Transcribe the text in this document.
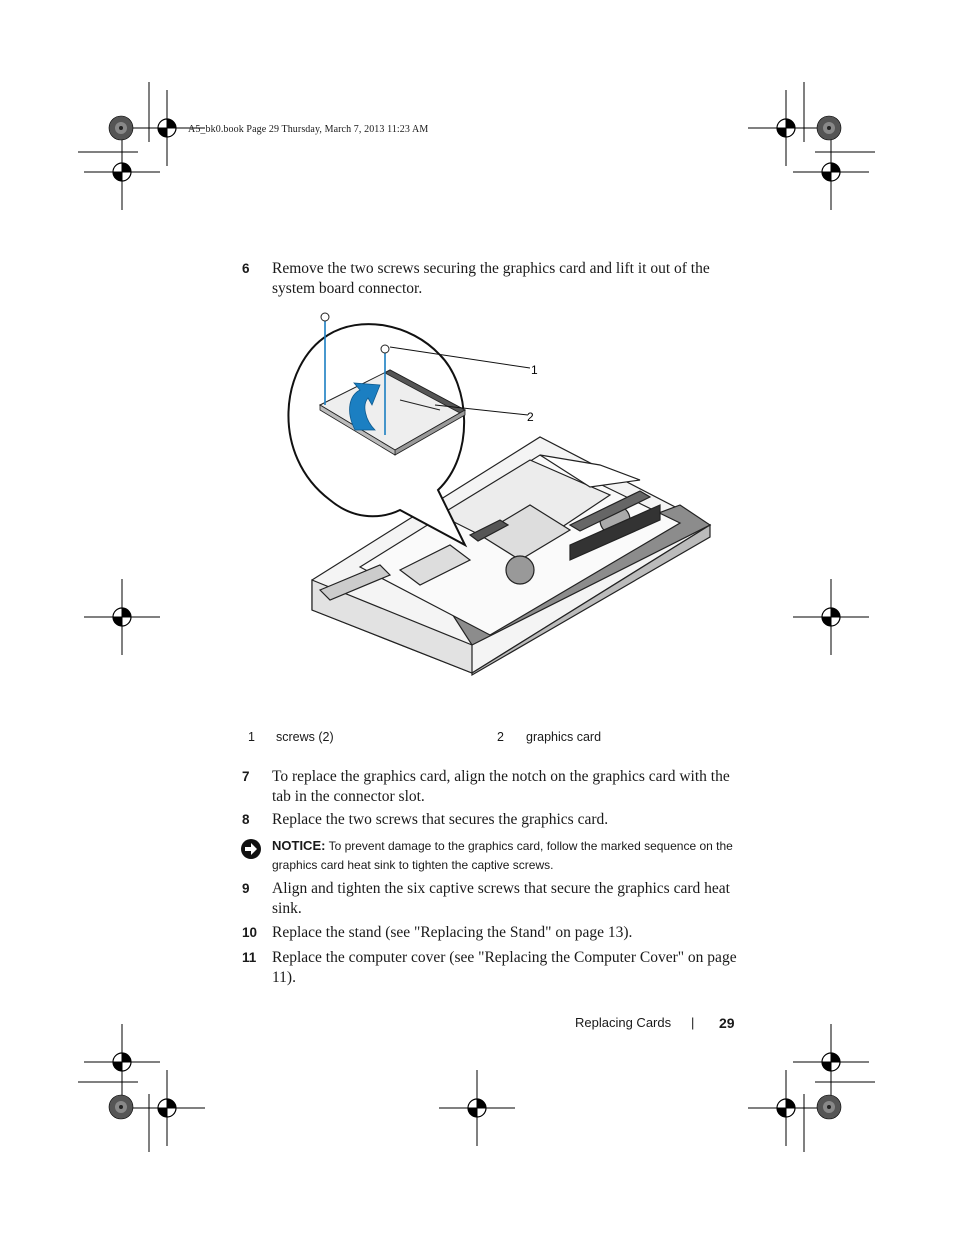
A5_bk0.book Page 29 Thursday, March 7, 2013 11:23 AM
6	Remove the two screws securing the graphics card and lift it out of the system board connector.
1
2
1 screws (2)	2 graphics card
7	To replace the graphics card, align the notch on the graphics card with the tab in the connector slot.
8	Replace the two screws that secures the graphics card.
NOTICE: To prevent damage to the graphics card, follow the marked sequence on the graphics card heat sink to tighten the captive screws.
9	Align and tighten the six captive screws that secure the graphics card heat sink.
10 Replace the stand (see "Replacing the Stand" on page 13).
11	Replace the computer cover (see "Replacing the Computer Cover" on page 11).
Replacing Cards | 29
